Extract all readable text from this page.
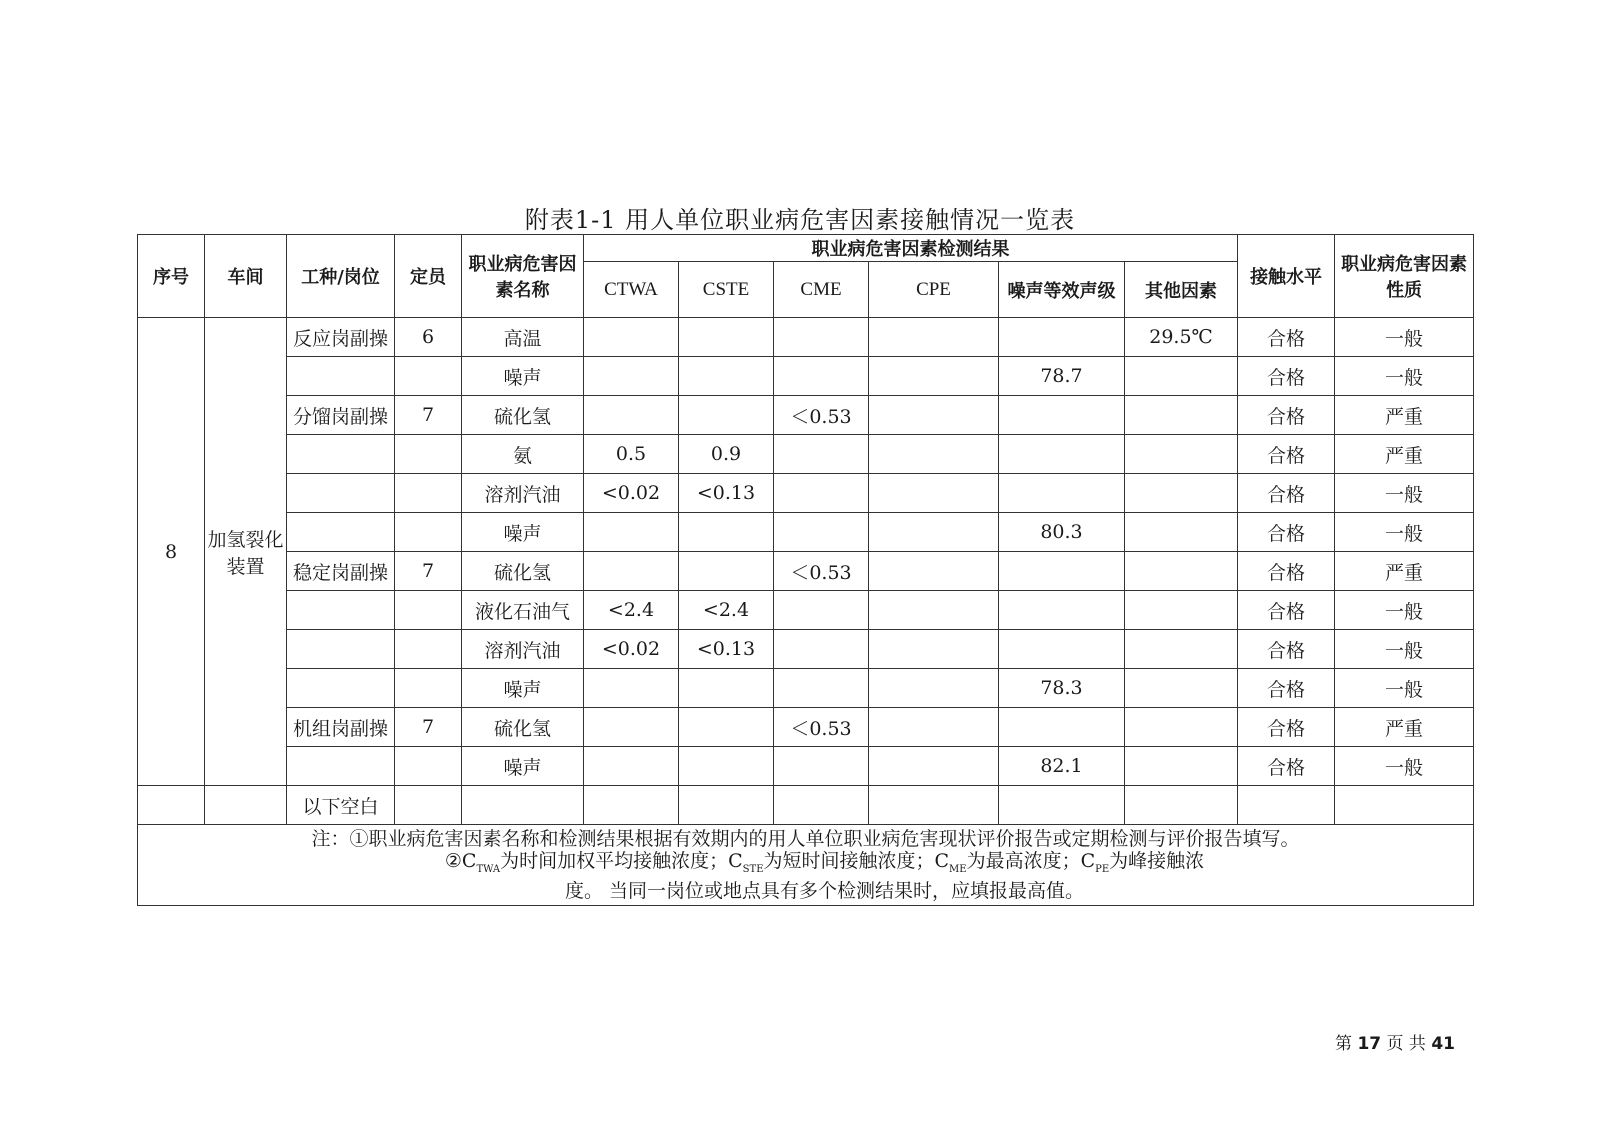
附表1-1 用人单位职业病危害因素接触情况一览表
序号	车间	工种/岗位	定员	职业病危害因素名称	职业病危害因素检测结果						接触水平	职业病危害因素性质
					CTWA	CSTE	CME	CPE	噪声等效声级	其他因素		
8	加氢裂化装置	反应岗副操	6	高温						29.5℃	合格	一般
				噪声					78.7		合格	一般
		分馏岗副操	7	硫化氢			＜0.53				合格	严重
				氨	0.5	0.9					合格	严重
				溶剂汽油	<0.02	<0.13					合格	一般
				噪声					80.3		合格	一般
		稳定岗副操	7	硫化氢			＜0.53				合格	严重
				液化石油气	<2.4	<2.4					合格	一般
				溶剂汽油	<0.02	<0.13					合格	一般
				噪声					78.3		合格	一般
		机组岗副操	7	硫化氢			＜0.53				合格	严重
				噪声					82.1		合格	一般
		以下空白										

注：①职业病危害因素名称和检测结果根据有效期内的用人单位职业病危害现状评价报告或定期检测与评价报告填写。
$②C_{TWA}$为时间加权平均接触浓度；$C_{STE}$为短时间接触浓度；$C_{ME}$为最高浓度；$C_{PE}$为峰接触浓
度。 当同一岗位或地点具有多个检测结果时，应填报最高值。												
第 17 页 共 41
